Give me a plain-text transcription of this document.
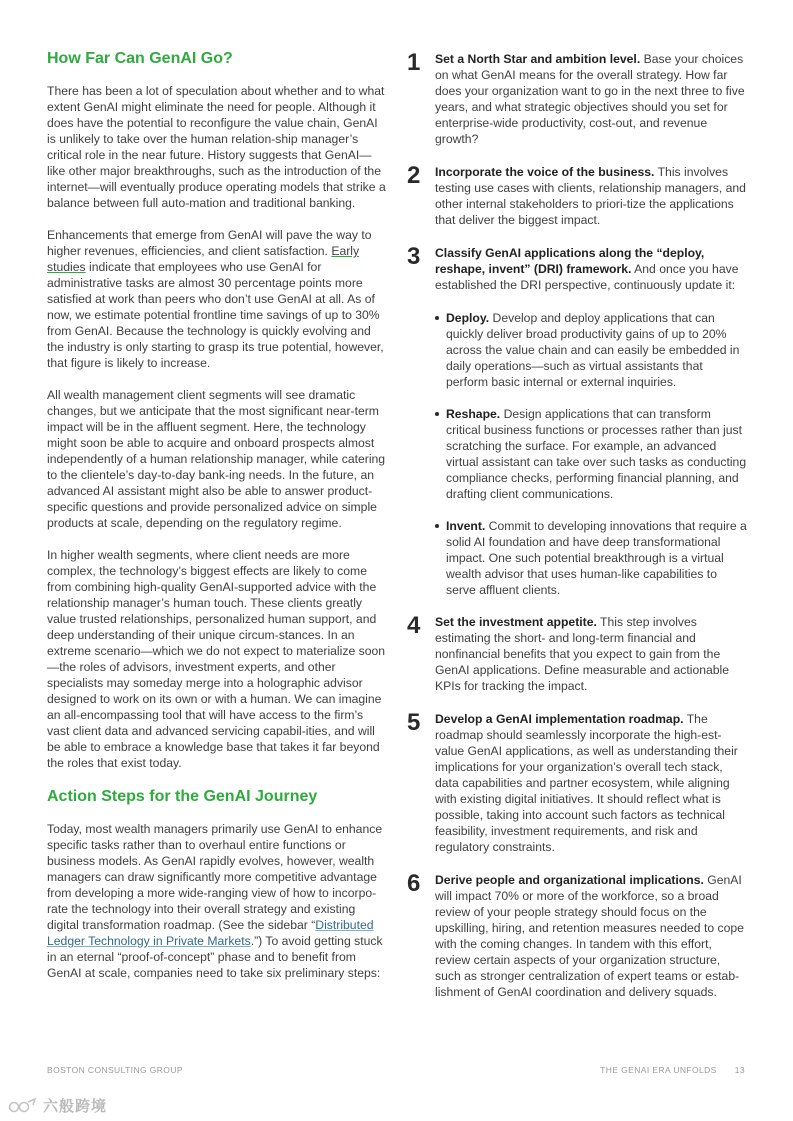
How Far Can GenAI Go?

There has been a lot of speculation about whether and to what extent GenAI might eliminate the need for people. Although it does have the potential to reconfigure the value chain, GenAI is unlikely to take over the human relation-ship manager’s critical role in the near future. History suggests that GenAI—like other major breakthroughs, such as the introduction of the internet—will eventually produce operating models that strike a balance between full auto-mation and traditional banking.

Enhancements that emerge from GenAI will pave the way to higher revenues, efficiencies, and client satisfaction. Early studies indicate that employees who use GenAI for administrative tasks are almost 30 percentage points more satisfied at work than peers who don’t use GenAI at all. As of now, we estimate potential frontline time savings of up to 30% from GenAI. Because the technology is quickly evolving and the industry is only starting to grasp its true potential, however, that figure is likely to increase.

All wealth management client segments will see dramatic changes, but we anticipate that the most significant near-term impact will be in the affluent segment. Here, the technology might soon be able to acquire and onboard prospects almost independently of a human relationship manager, while catering to the clientele’s day-to-day bank-ing needs. In the future, an advanced AI assistant might also be able to answer product-specific questions and provide personalized advice on simple products at scale, depending on the regulatory regime.

In higher wealth segments, where client needs are more complex, the technology’s biggest effects are likely to come from combining high-quality GenAI-supported advice with the relationship manager’s human touch. These clients greatly value trusted relationships, personalized human support, and deep understanding of their unique circum-stances. In an extreme scenario—which we do not expect to materialize soon—the roles of advisors, investment experts, and other specialists may someday merge into a holographic advisor designed to work on its own or with a human. We can imagine an all-encompassing tool that will have access to the firm’s vast client data and advanced servicing capabil-ities, and will be able to embrace a knowledge base that takes it far beyond the roles that exist today.

Action Steps for the GenAI Journey

Today, most wealth managers primarily use GenAI to enhance specific tasks rather than to overhaul entire functions or business models. As GenAI rapidly evolves, however, wealth managers can draw significantly more competitive advantage from developing a more wide-ranging view of how to incorpo-rate the technology into their overall strategy and existing digital transformation roadmap. (See the sidebar “Distributed Ledger Technology in Private Markets.”) To avoid getting stuck in an eternal “proof-of-concept” phase and to benefit from GenAI at scale, companies need to take six preliminary steps:

1	Set a North Star and ambition level. Base your choices on what GenAI means for the overall strategy. How far does your organization want to go in the next three to five years, and what strategic objectives should you set for enterprise-wide productivity, cost-out, and revenue growth?
2	Incorporate the voice of the business. This involves testing use cases with clients, relationship managers, and other internal stakeholders to priori-tize the applications that deliver the biggest impact.
3	Classify GenAI applications along the “deploy, reshape, invent” (DRI) framework. And once you have established the DRI perspective, continuously update it:
Deploy. Develop and deploy applications that can quickly deliver broad productivity gains of up to 20% across the value chain and can easily be embedded in daily operations—such as virtual assistants that perform basic internal or external inquiries.
Reshape. Design applications that can transform critical business functions or processes rather than just scratching the surface. For example, an advanced virtual assistant can take over such tasks as conducting compliance checks, performing financial planning, and drafting client communications.
Invent. Commit to developing innovations that require a solid AI foundation and have deep transformational impact. One such potential breakthrough is a virtual wealth advisor that uses human-like capabilities to serve affluent clients.
4	Set the investment appetite. This step involves estimating the short- and long-term financial and nonfinancial benefits that you expect to gain from the GenAI applications. Define measurable and actionable KPIs for tracking the impact.
5	Develop a GenAI implementation roadmap. The roadmap should seamlessly incorporate the high-est-value GenAI applications, as well as understanding their implications for your organization’s overall tech stack, data capabilities and partner ecosystem, while aligning with existing digital initiatives. It should reflect what is possible, taking into account such factors as technical feasibility, investment requirements, and risk and regulatory constraints.
6	Derive people and organizational implications. GenAI will impact 70% or more of the workforce, so a broad review of your people strategy should focus on the upskilling, hiring, and retention measures needed to cope with the coming changes. In tandem with this effort, review certain aspects of your organization structure, such as stronger centralization of expert teams or estab-lishment of GenAI coordination and delivery squads.
BOSTON CONSULTING GROUP	THE GENAI ERA UNFOLDS 13
六般跨境
